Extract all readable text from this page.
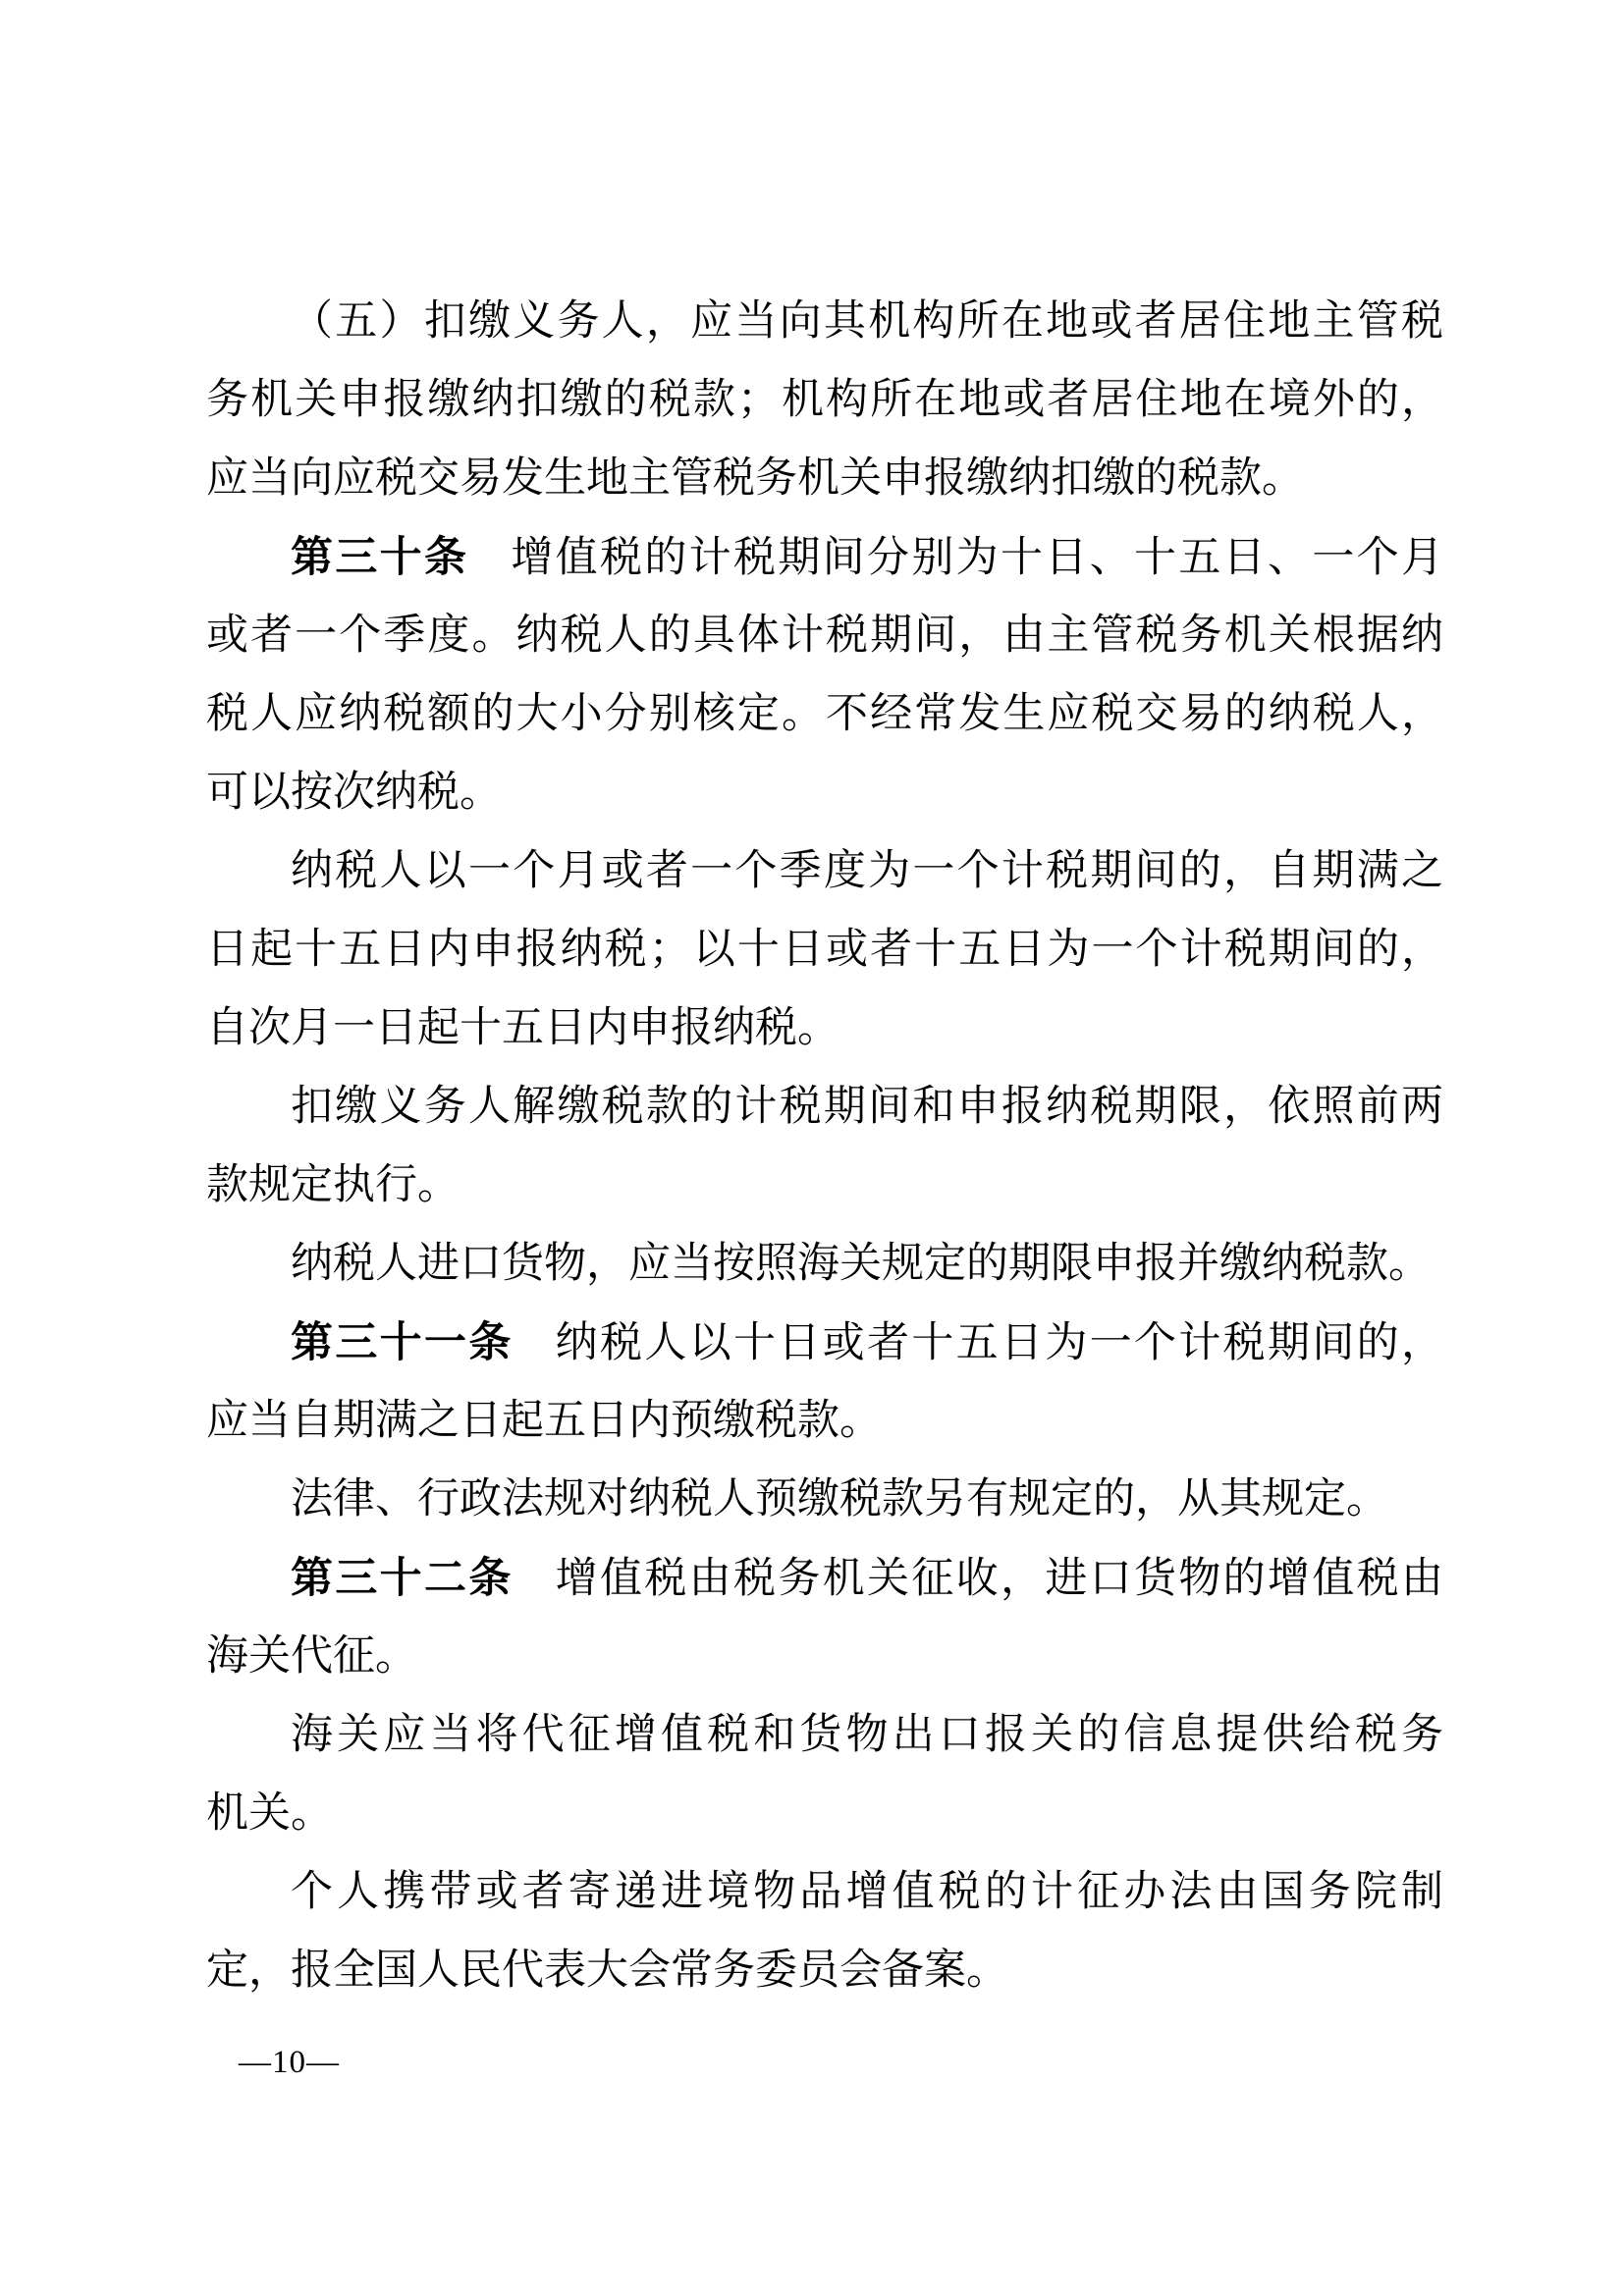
（五）扣缴义务人，应当向其机构所在地或者居住地主管税
务机关申报缴纳扣缴的税款；机构所在地或者居住地在境外的，
应当向应税交易发生地主管税务机关申报缴纳扣缴的税款。
第三十条 增值税的计税期间分别为十日、十五日、一个月
或者一个季度。纳税人的具体计税期间，由主管税务机关根据纳
税人应纳税额的大小分别核定。不经常发生应税交易的纳税人，
可以按次纳税。
纳税人以一个月或者一个季度为一个计税期间的，自期满之
日起十五日内申报纳税；以十日或者十五日为一个计税期间的，
自次月一日起十五日内申报纳税。
扣缴义务人解缴税款的计税期间和申报纳税期限，依照前两
款规定执行。
纳税人进口货物，应当按照海关规定的期限申报并缴纳税款。
第三十一条 纳税人以十日或者十五日为一个计税期间的，
应当自期满之日起五日内预缴税款。
法律、行政法规对纳税人预缴税款另有规定的，从其规定。
第三十二条 增值税由税务机关征收，进口货物的增值税由
海关代征。
海关应当将代征增值税和货物出口报关的信息提供给税务
机关。
个人携带或者寄递进境物品增值税的计征办法由国务院制
定，报全国人民代表大会常务委员会备案。
—10—
